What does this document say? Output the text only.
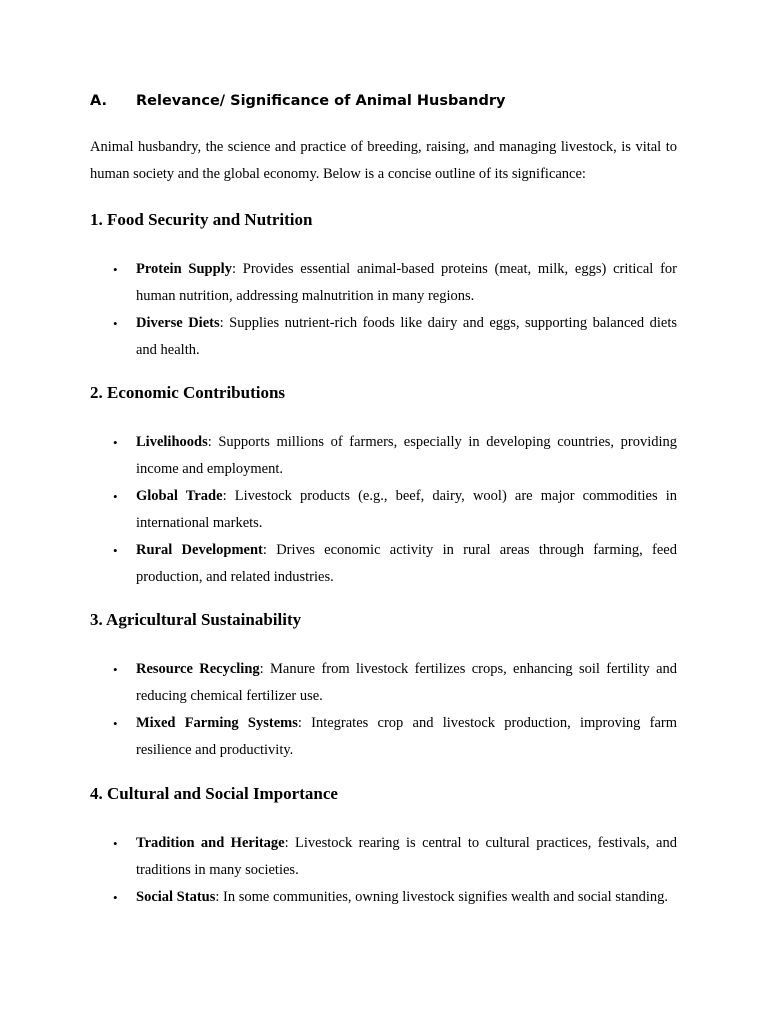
A. Relevance/ Significance of Animal Husbandry

Animal husbandry, the science and practice of breeding, raising, and managing livestock, is vital to human society and the global economy. Below is a concise outline of its significance:

1. Food Security and Nutrition
• Protein Supply: Provides essential animal-based proteins (meat, milk, eggs) critical for human nutrition, addressing malnutrition in many regions.
• Diverse Diets: Supplies nutrient-rich foods like dairy and eggs, supporting balanced diets and health.
2. Economic Contributions
• Livelihoods: Supports millions of farmers, especially in developing countries, providing income and employment.
• Global Trade: Livestock products (e.g., beef, dairy, wool) are major commodities in international markets.
• Rural Development: Drives economic activity in rural areas through farming, feed production, and related industries.
3. Agricultural Sustainability
• Resource Recycling: Manure from livestock fertilizes crops, enhancing soil fertility and reducing chemical fertilizer use.
• Mixed Farming Systems: Integrates crop and livestock production, improving farm resilience and productivity.
4. Cultural and Social Importance
• Tradition and Heritage: Livestock rearing is central to cultural practices, festivals, and traditions in many societies.
• Social Status: In some communities, owning livestock signifies wealth and social standing.
